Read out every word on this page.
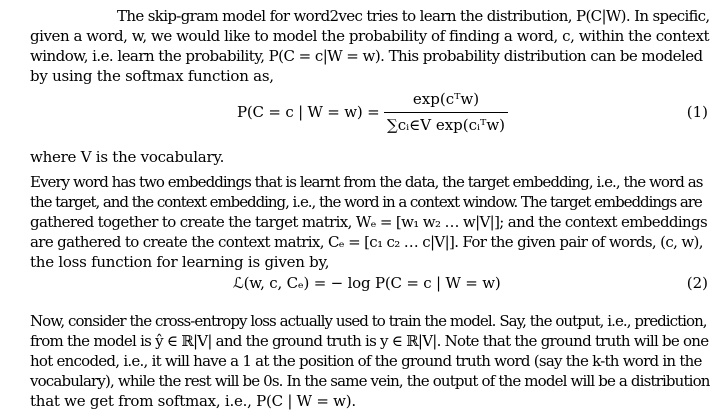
The skip-gram model for word2vec tries to learn the distribution, P(C|W). In specific,
given a word, w, we would like to model the probability of finding a word, c, within the context
window, i.e. learn the probability, P(C = c|W = w). This probability distribution can be modeled
by using the softmax function as,
P(C = c | W = w) =
exp(cᵀw)
∑cᵢ∈V exp(cᵢᵀw)
(1)
where V is the vocabulary.
Every word has two embeddings that is learnt from the data, the target embedding, i.e., the word as
the target, and the context embedding, i.e., the word in a context window. The target embeddings are
gathered together to create the target matrix, Wₑ = [w₁ w₂ … w|V|]; and the context embeddings
are gathered to create the context matrix, Cₑ = [c₁ c₂ … c|V|]. For the given pair of words, (c, w),
the loss function for learning is given by,
ℒ(w, c, Cₑ) = − log P(C = c | W = w)	(2)
Now, consider the cross-entropy loss actually used to train the model. Say, the output, i.e., prediction,
from the model is ŷ ∈ ℝ|V| and the ground truth is y ∈ ℝ|V|. Note that the ground truth will be one
hot encoded, i.e., it will have a 1 at the position of the ground truth word (say the k-th word in the
vocabulary), while the rest will be 0s. In the same vein, the output of the model will be a distribution
that we get from softmax, i.e., P(C | W = w).
